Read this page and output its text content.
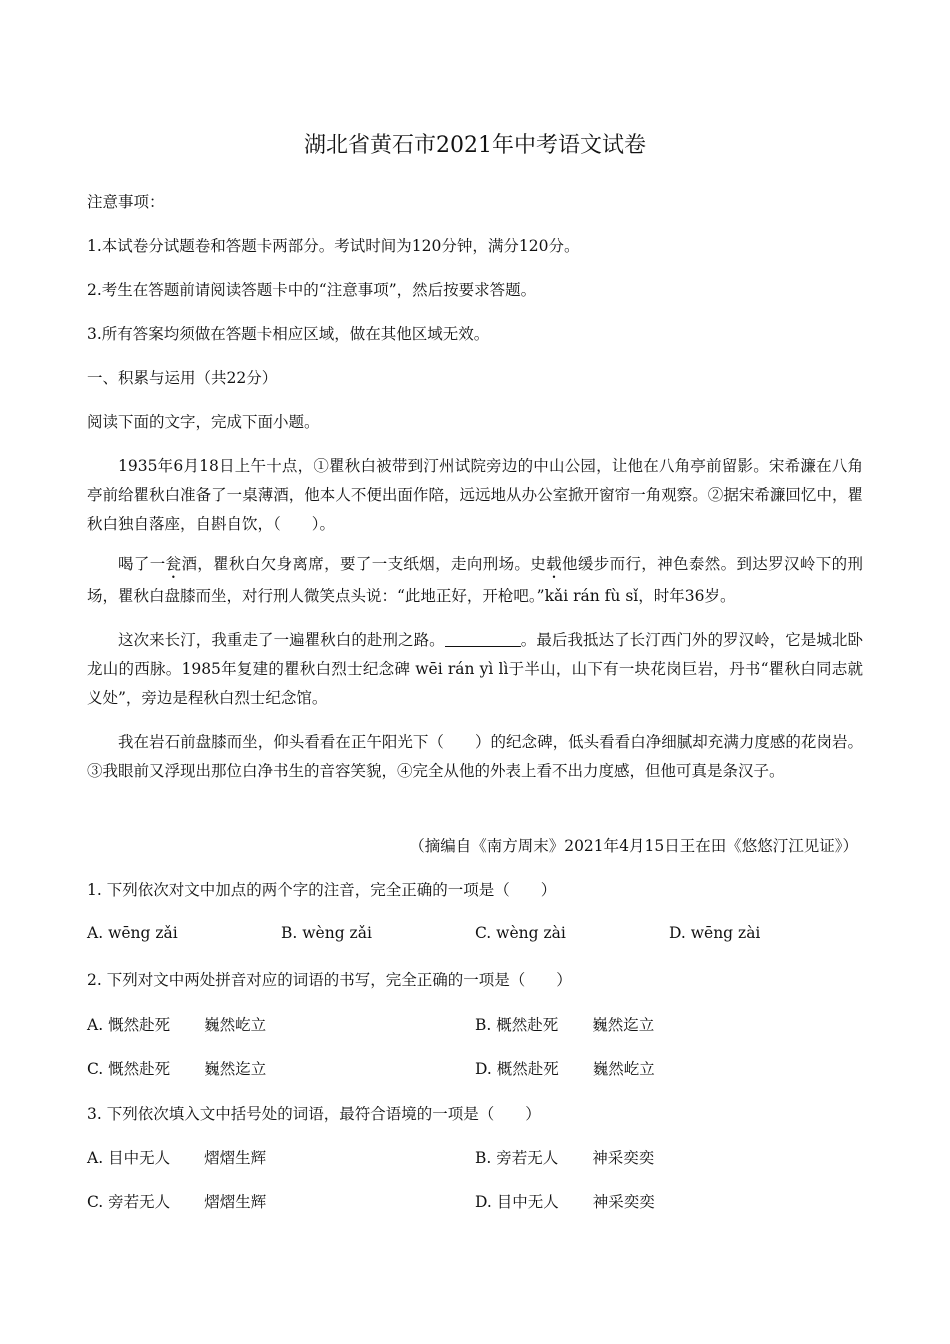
湖北省黄石市2021年中考语文试卷
注意事项：
1.本试卷分试题卷和答题卡两部分。考试时间为120分钟，满分120分。
2.考生在答题前请阅读答题卡中的“注意事项”，然后按要求答题。
3.所有答案均须做在答题卡相应区域，做在其他区域无效。
一、积累与运用（共22分）
阅读下面的文字，完成下面小题。
1935年6月18日上午十点，①瞿秋白被带到汀州试院旁边的中山公园，让他在八角亭前留影。宋希濂在八角亭前给瞿秋白准备了一桌薄酒，他本人不便出面作陪，远远地从办公室掀开窗帘一角观察。②据宋希濂回忆中，瞿秋白独自落座，自斟自饮，（　　）。
喝了一瓮酒，瞿秋白欠身离席，要了一支纸烟，走向刑场。史载他缓步而行，神色泰然。到达罗汉岭下的刑场，瞿秋白盘膝而坐，对行刑人微笑点头说：“此地正好，开枪吧。”kǎi rán fù sǐ，时年36岁。
这次来长汀，我重走了一遍瞿秋白的赴刑之路。	。最后我抵达了长汀西门外的罗汉岭，它是城北卧龙山的西脉。1985年复建的瞿秋白烈士纪念碑 wēi rán yì lì于半山，山下有一块花岗巨岩，丹书“瞿秋白同志就义处”，旁边是程秋白烈士纪念馆。
我在岩石前盘膝而坐，仰头看看在正午阳光下（　　）的纪念碑，低头看看白净细腻却充满力度感的花岗岩。③我眼前又浮现出那位白净书生的音容笑貌，④完全从他的外表上看不出力度感，但他可真是条汉子。
（摘编自《南方周末》2021年4月15日王在田《悠悠汀江见证》）
1. 下列依次对文中加点的两个字的注音，完全正确的一项是（　　）
A. wēng zǎi	B. wèng zǎi	C. wèng zài	D. wēng zài
2. 下列对文中两处拼音对应的词语的书写，完全正确的一项是（　　）
A. 慨然赴死 巍然屹立	B. 概然赴死 巍然迄立
C. 慨然赴死 巍然迄立	D. 概然赴死 巍然屹立
3. 下列依次填入文中括号处的词语，最符合语境的一项是（　　）
A. 目中无人 熠熠生辉	B. 旁若无人 神采奕奕
C. 旁若无人 熠熠生辉	D. 目中无人 神采奕奕
